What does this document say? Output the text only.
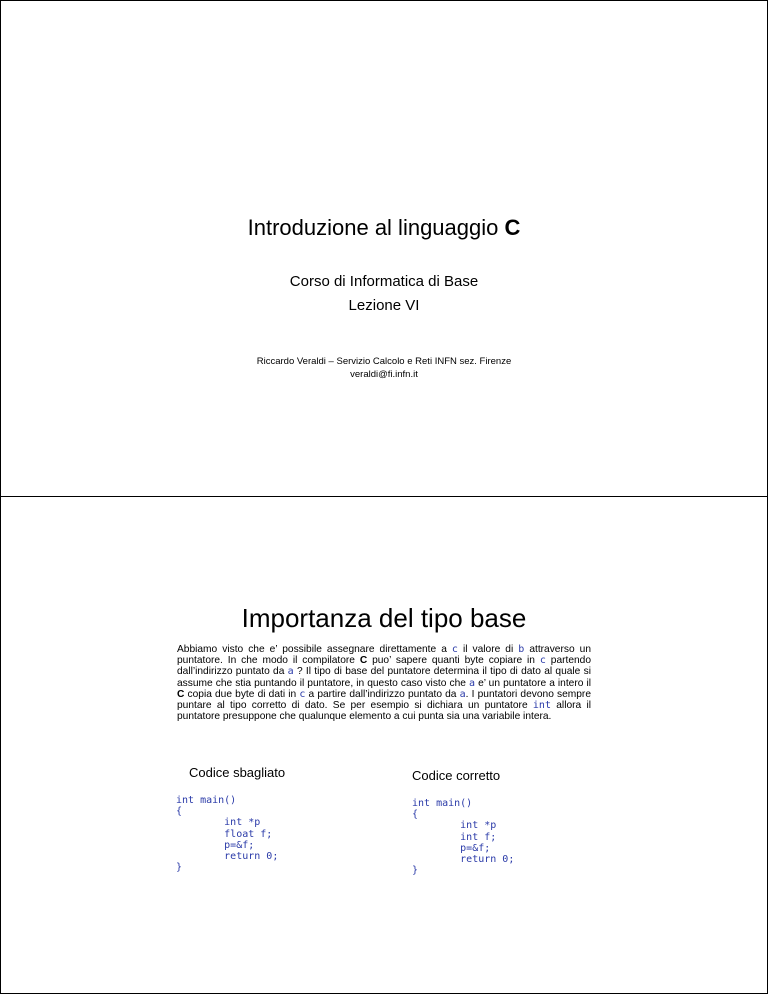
Introduzione al linguaggio C
Corso di Informatica di Base
Lezione VI
Riccardo Veraldi – Servizio Calcolo e Reti INFN sez. Firenze
veraldi@fi.infn.it
Importanza del tipo base
Abbiamo visto che e’ possibile assegnare direttamente a c il valore di b attraverso un puntatore. In che modo il compilatore C puo’ sapere quanti byte copiare in c partendo dall’indirizzo puntato da a ? Il tipo di base del puntatore determina il tipo di dato al quale si assume che stia puntando il puntatore, in questo caso visto che a e’ un puntatore a intero il C copia due byte di dati in c a partire dall’indirizzo puntato da a. I puntatori devono sempre puntare al tipo corretto di dato. Se per esempio si dichiara un puntatore int allora il puntatore presuppone che qualunque elemento a cui punta sia una variabile intera.
Codice sbagliato
int main()
{
int *p
float f;
p=&f;
return 0;
}
Codice corretto
int main()
{
int *p
int f;
p=&f;
return 0;
}
